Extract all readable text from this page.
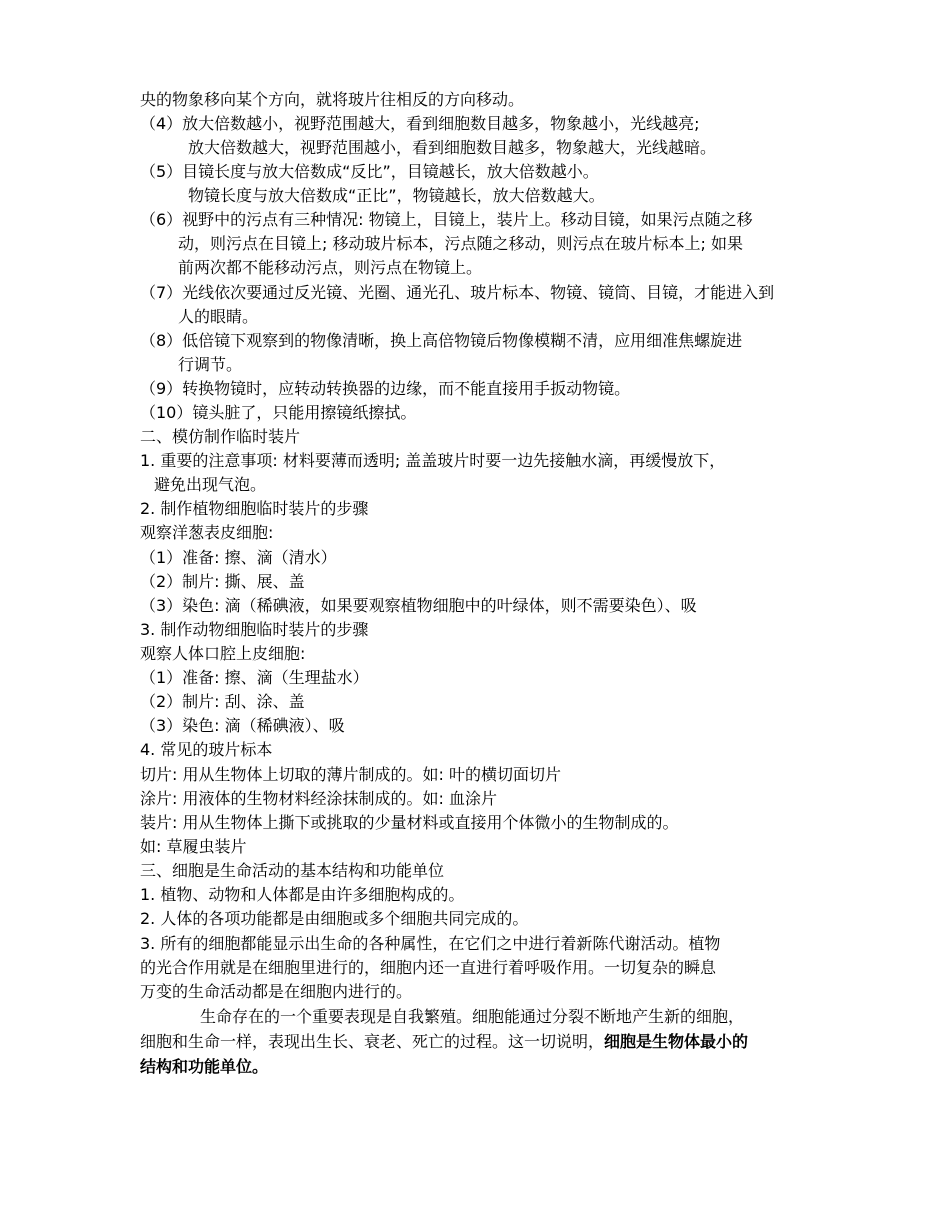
央的物象移向某个方向，就将玻片往相反的方向移动。
（4）放大倍数越小，视野范围越大，看到细胞数目越多，物象越小，光线越亮;
放大倍数越大，视野范围越小，看到细胞数目越多，物象越大，光线越暗。
（5）目镜长度与放大倍数成“反比”，目镜越长，放大倍数越小。
物镜长度与放大倍数成“正比”，物镜越长，放大倍数越大。
（6）视野中的污点有三种情况: 物镜上，目镜上，装片上。移动目镜，如果污点随之移
动，则污点在目镜上; 移动玻片标本，污点随之移动，则污点在玻片标本上; 如果
前两次都不能移动污点，则污点在物镜上。
（7）光线依次要通过反光镜、光圈、通光孔、玻片标本、物镜、镜筒、目镜，才能进入到
人的眼睛。
（8）低倍镜下观察到的物像清晰，换上高倍物镜后物像模糊不清，应用细准焦螺旋进
行调节。
（9）转换物镜时，应转动转换器的边缘，而不能直接用手扳动物镜。
（10）镜头脏了，只能用擦镜纸擦拭。
二、模仿制作临时装片
1. 重要的注意事项: 材料要薄而透明; 盖盖玻片时要一边先接触水滴，再缓慢放下，
避免出现气泡。
2. 制作植物细胞临时装片的步骤
观察洋葱表皮细胞:
（1）准备: 擦、滴（清水）
（2）制片: 撕、展、盖
（3）染色: 滴（稀碘液，如果要观察植物细胞中的叶绿体，则不需要染色）、吸
3. 制作动物细胞临时装片的步骤
观察人体口腔上皮细胞:
（1）准备: 擦、滴（生理盐水）
（2）制片: 刮、涂、盖
（3）染色: 滴（稀碘液）、吸
4. 常见的玻片标本
切片: 用从生物体上切取的薄片制成的。如: 叶的横切面切片
涂片: 用液体的生物材料经涂抹制成的。如: 血涂片
装片: 用从生物体上撕下或挑取的少量材料或直接用个体微小的生物制成的。
如: 草履虫装片
三、细胞是生命活动的基本结构和功能单位
1. 植物、动物和人体都是由许多细胞构成的。
2. 人体的各项功能都是由细胞或多个细胞共同完成的。
3. 所有的细胞都能显示出生命的各种属性，在它们之中进行着新陈代谢活动。植物
的光合作用就是在细胞里进行的，细胞内还一直进行着呼吸作用。一切复杂的瞬息
万变的生命活动都是在细胞内进行的。
生命存在的一个重要表现是自我繁殖。细胞能通过分裂不断地产生新的细胞，
细胞和生命一样，表现出生长、衰老、死亡的过程。这一切说明，细胞是生物体最小的
结构和功能单位。
